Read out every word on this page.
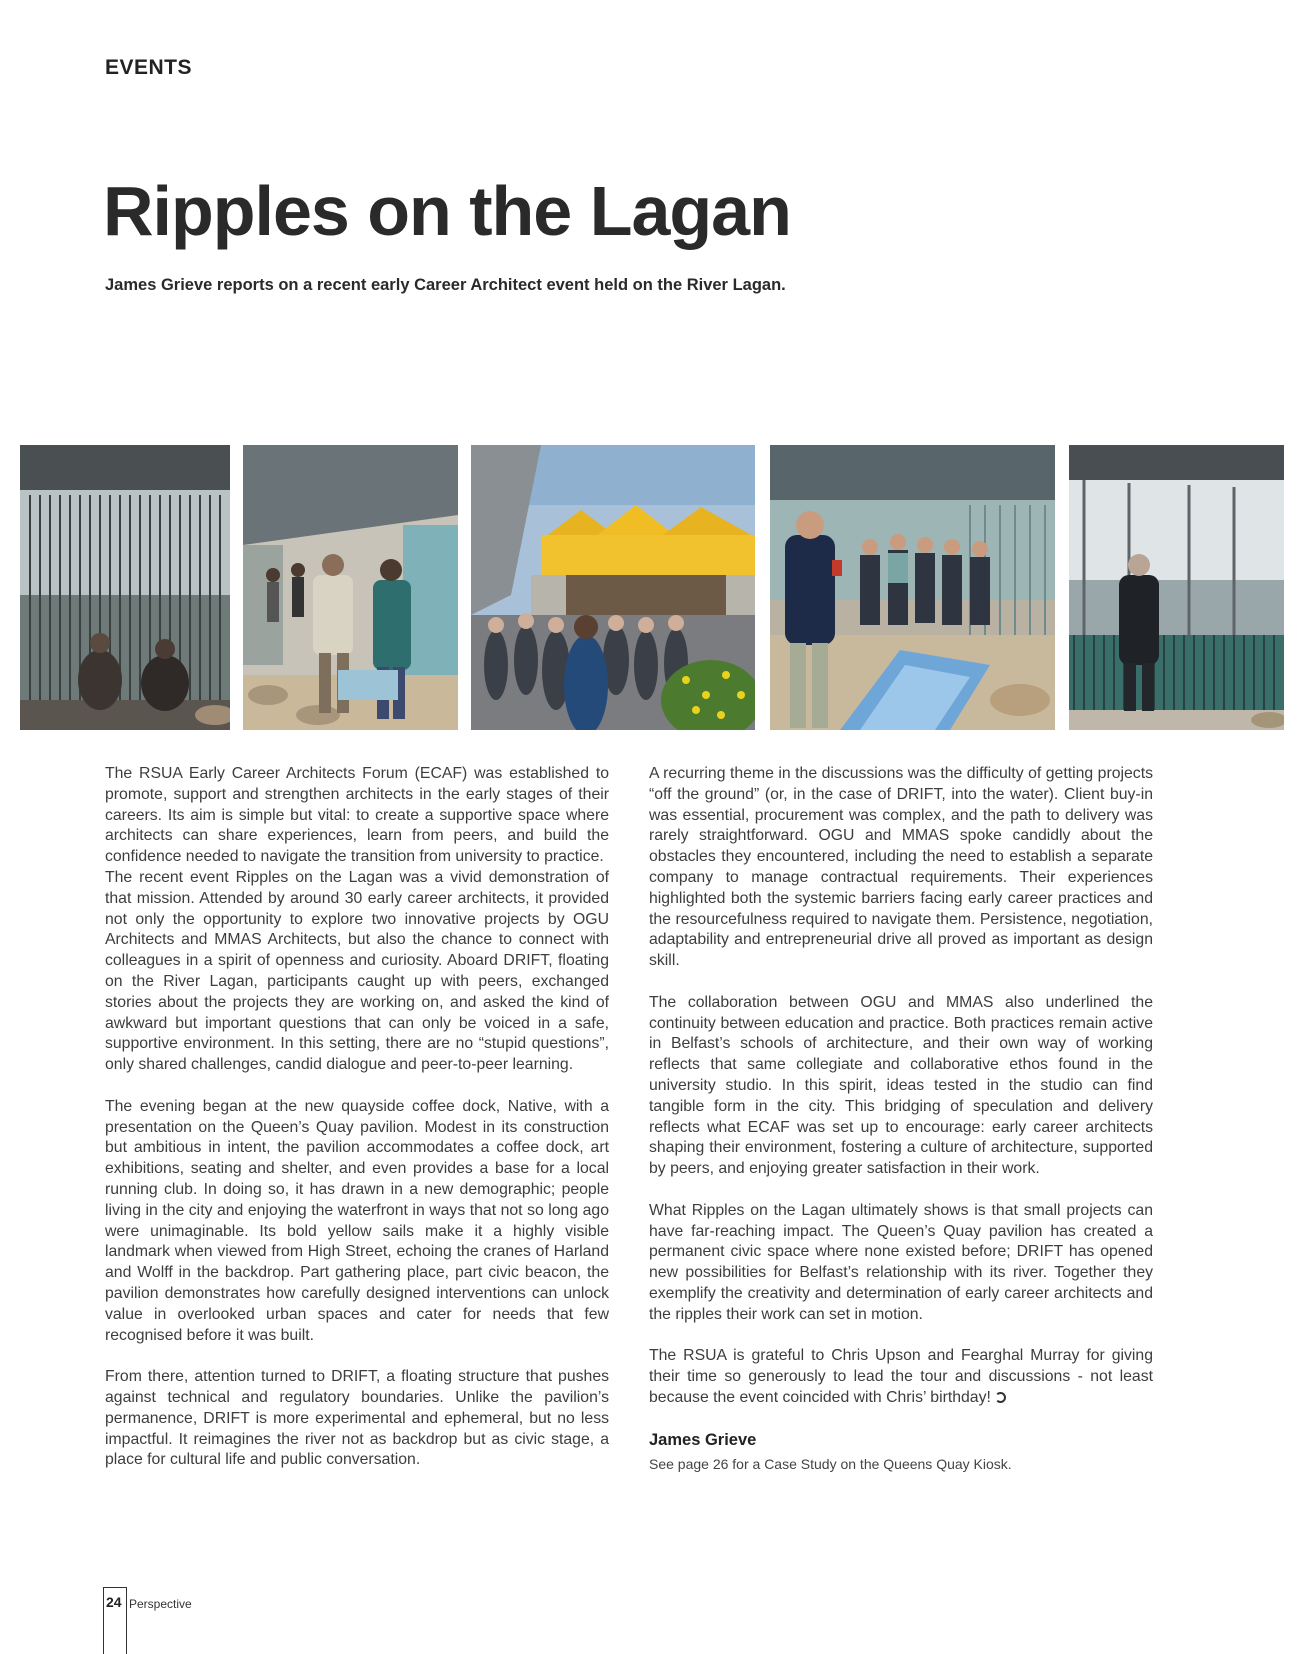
EVENTS
Ripples on the Lagan
James Grieve reports on a recent early Career Architect event held on the River Lagan.

The RSUA Early Career Architects Forum (ECAF) was established to promote, support and strengthen architects in the early stages of their careers. Its aim is simple but vital: to create a supportive space where architects can share experiences, learn from peers, and build the confidence needed to navigate the transition from university to practice.

The recent event Ripples on the Lagan was a vivid demonstration of that mission. Attended by around 30 early career architects, it provided not only the opportunity to explore two innovative projects by OGU Architects and MMAS Architects, but also the chance to connect with colleagues in a spirit of openness and curiosity. Aboard DRIFT, floating on the River Lagan, participants caught up with peers, exchanged stories about the projects they are working on, and asked the kind of awkward but important questions that can only be voiced in a safe, supportive environment. In this setting, there are no “stupid questions”, only shared challenges, candid dialogue and peer-to-peer learning.

The evening began at the new quayside coffee dock, Native, with a presentation on the Queen’s Quay pavilion. Modest in its construction but ambitious in intent, the pavilion accommodates a coffee dock, art exhibitions, seating and shelter, and even provides a base for a local running club. In doing so, it has drawn in a new demographic; people living in the city and enjoying the waterfront in ways that not so long ago were unimaginable. Its bold yellow sails make it a highly visible landmark when viewed from High Street, echoing the cranes of Harland and Wolff in the backdrop. Part gathering place, part civic beacon, the pavilion demonstrates how carefully designed interventions can unlock value in overlooked urban spaces and cater for needs that few recognised before it was built.

From there, attention turned to DRIFT, a floating structure that pushes against technical and regulatory boundaries. Unlike the pavilion’s permanence, DRIFT is more experimental and ephemeral, but no less impactful. It reimagines the river not as backdrop but as civic stage, a place for cultural life and public conversation.

A recurring theme in the discussions was the difficulty of getting projects “off the ground” (or, in the case of DRIFT, into the water). Client buy-in was essential, procurement was complex, and the path to delivery was rarely straightforward. OGU and MMAS spoke candidly about the obstacles they encountered, including the need to establish a separate company to manage contractual requirements. Their experiences highlighted both the systemic barriers facing early career practices and the resourcefulness required to navigate them. Persistence, negotiation, adaptability and entrepreneurial drive all proved as important as design skill.

The collaboration between OGU and MMAS also underlined the continuity between education and practice. Both practices remain active in Belfast’s schools of architecture, and their own way of working reflects that same collegiate and collaborative ethos found in the university studio. In this spirit, ideas tested in the studio can find tangible form in the city. This bridging of speculation and delivery reflects what ECAF was set up to encourage: early career architects shaping their environment, fostering a culture of architecture, supported by peers, and enjoying greater satisfaction in their work.

What Ripples on the Lagan ultimately shows is that small projects can have far-reaching impact. The Queen’s Quay pavilion has created a permanent civic space where none existed before; DRIFT has opened new possibilities for Belfast’s relationship with its river. Together they exemplify the creativity and determination of early career architects and the ripples their work can set in motion.

The RSUA is grateful to Chris Upson and Fearghal Murray for giving their time so generously to lead the tour and discussions - not least because the event coincided with Chris’ birthday!

James Grieve
See page 26 for a Case Study on the Queens Quay Kiosk.
24 Perspective
